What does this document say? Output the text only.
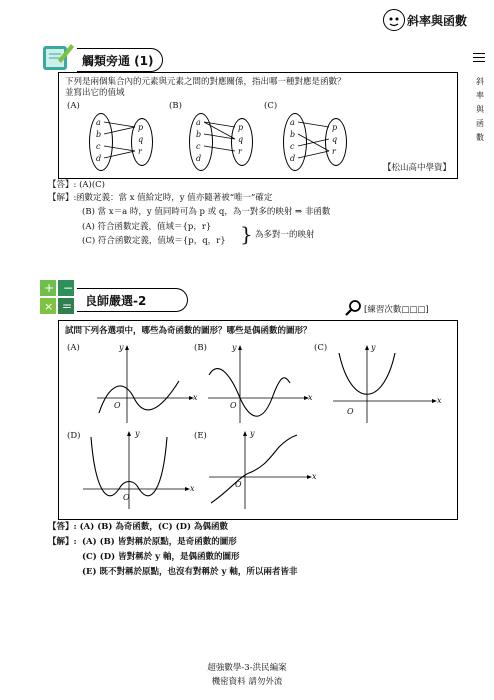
斜率與函數
斜
率
與
函
數
觸類旁通 (1)
下列是兩個集合內的元素與元素之間的對應關係，指出哪一種對應是函數？
並寫出它的值域
(A)
a
b
c
d
p
q
r
(B)
a
b
c
d
p
q
r
(C)
a
b
c
d
p
q
r
【松山高中學資】
【答】: (A)(C)
【解】: 函數定義：當 x 值給定時，y 值亦隨著被“唯一”確定
(B) 當 x＝a 時，y 值同時可為 p 或 q，為一對多的映射 ⇒ 非函數
(A) 符合函數定義，值域＝{p，r}
(C) 符合函數定義，值域＝{p，q，r} } 為多對一的映射
+ −
× = 良師嚴選-2
[練習次數□□□]
試問下列各選項中，哪些為奇函數的圖形？哪些是偶函數的圖形？
(A)	y
x
O
(B)	y
x
O
(C)	y
x
O
(D)	y
x
O
(E)	y
x
O
【答】: (A) (B) 為奇函數，(C) (D) 為偶函數
【解】: (A) (B) 皆對稱於原點，是奇函數的圖形
(C) (D) 皆對稱於 y 軸，是偶函數的圖形
(E) 既不對稱於原點，也沒有對稱於 y 軸，所以兩者皆非
超強數學-3-洪民編案
機密資料 請勿外流
